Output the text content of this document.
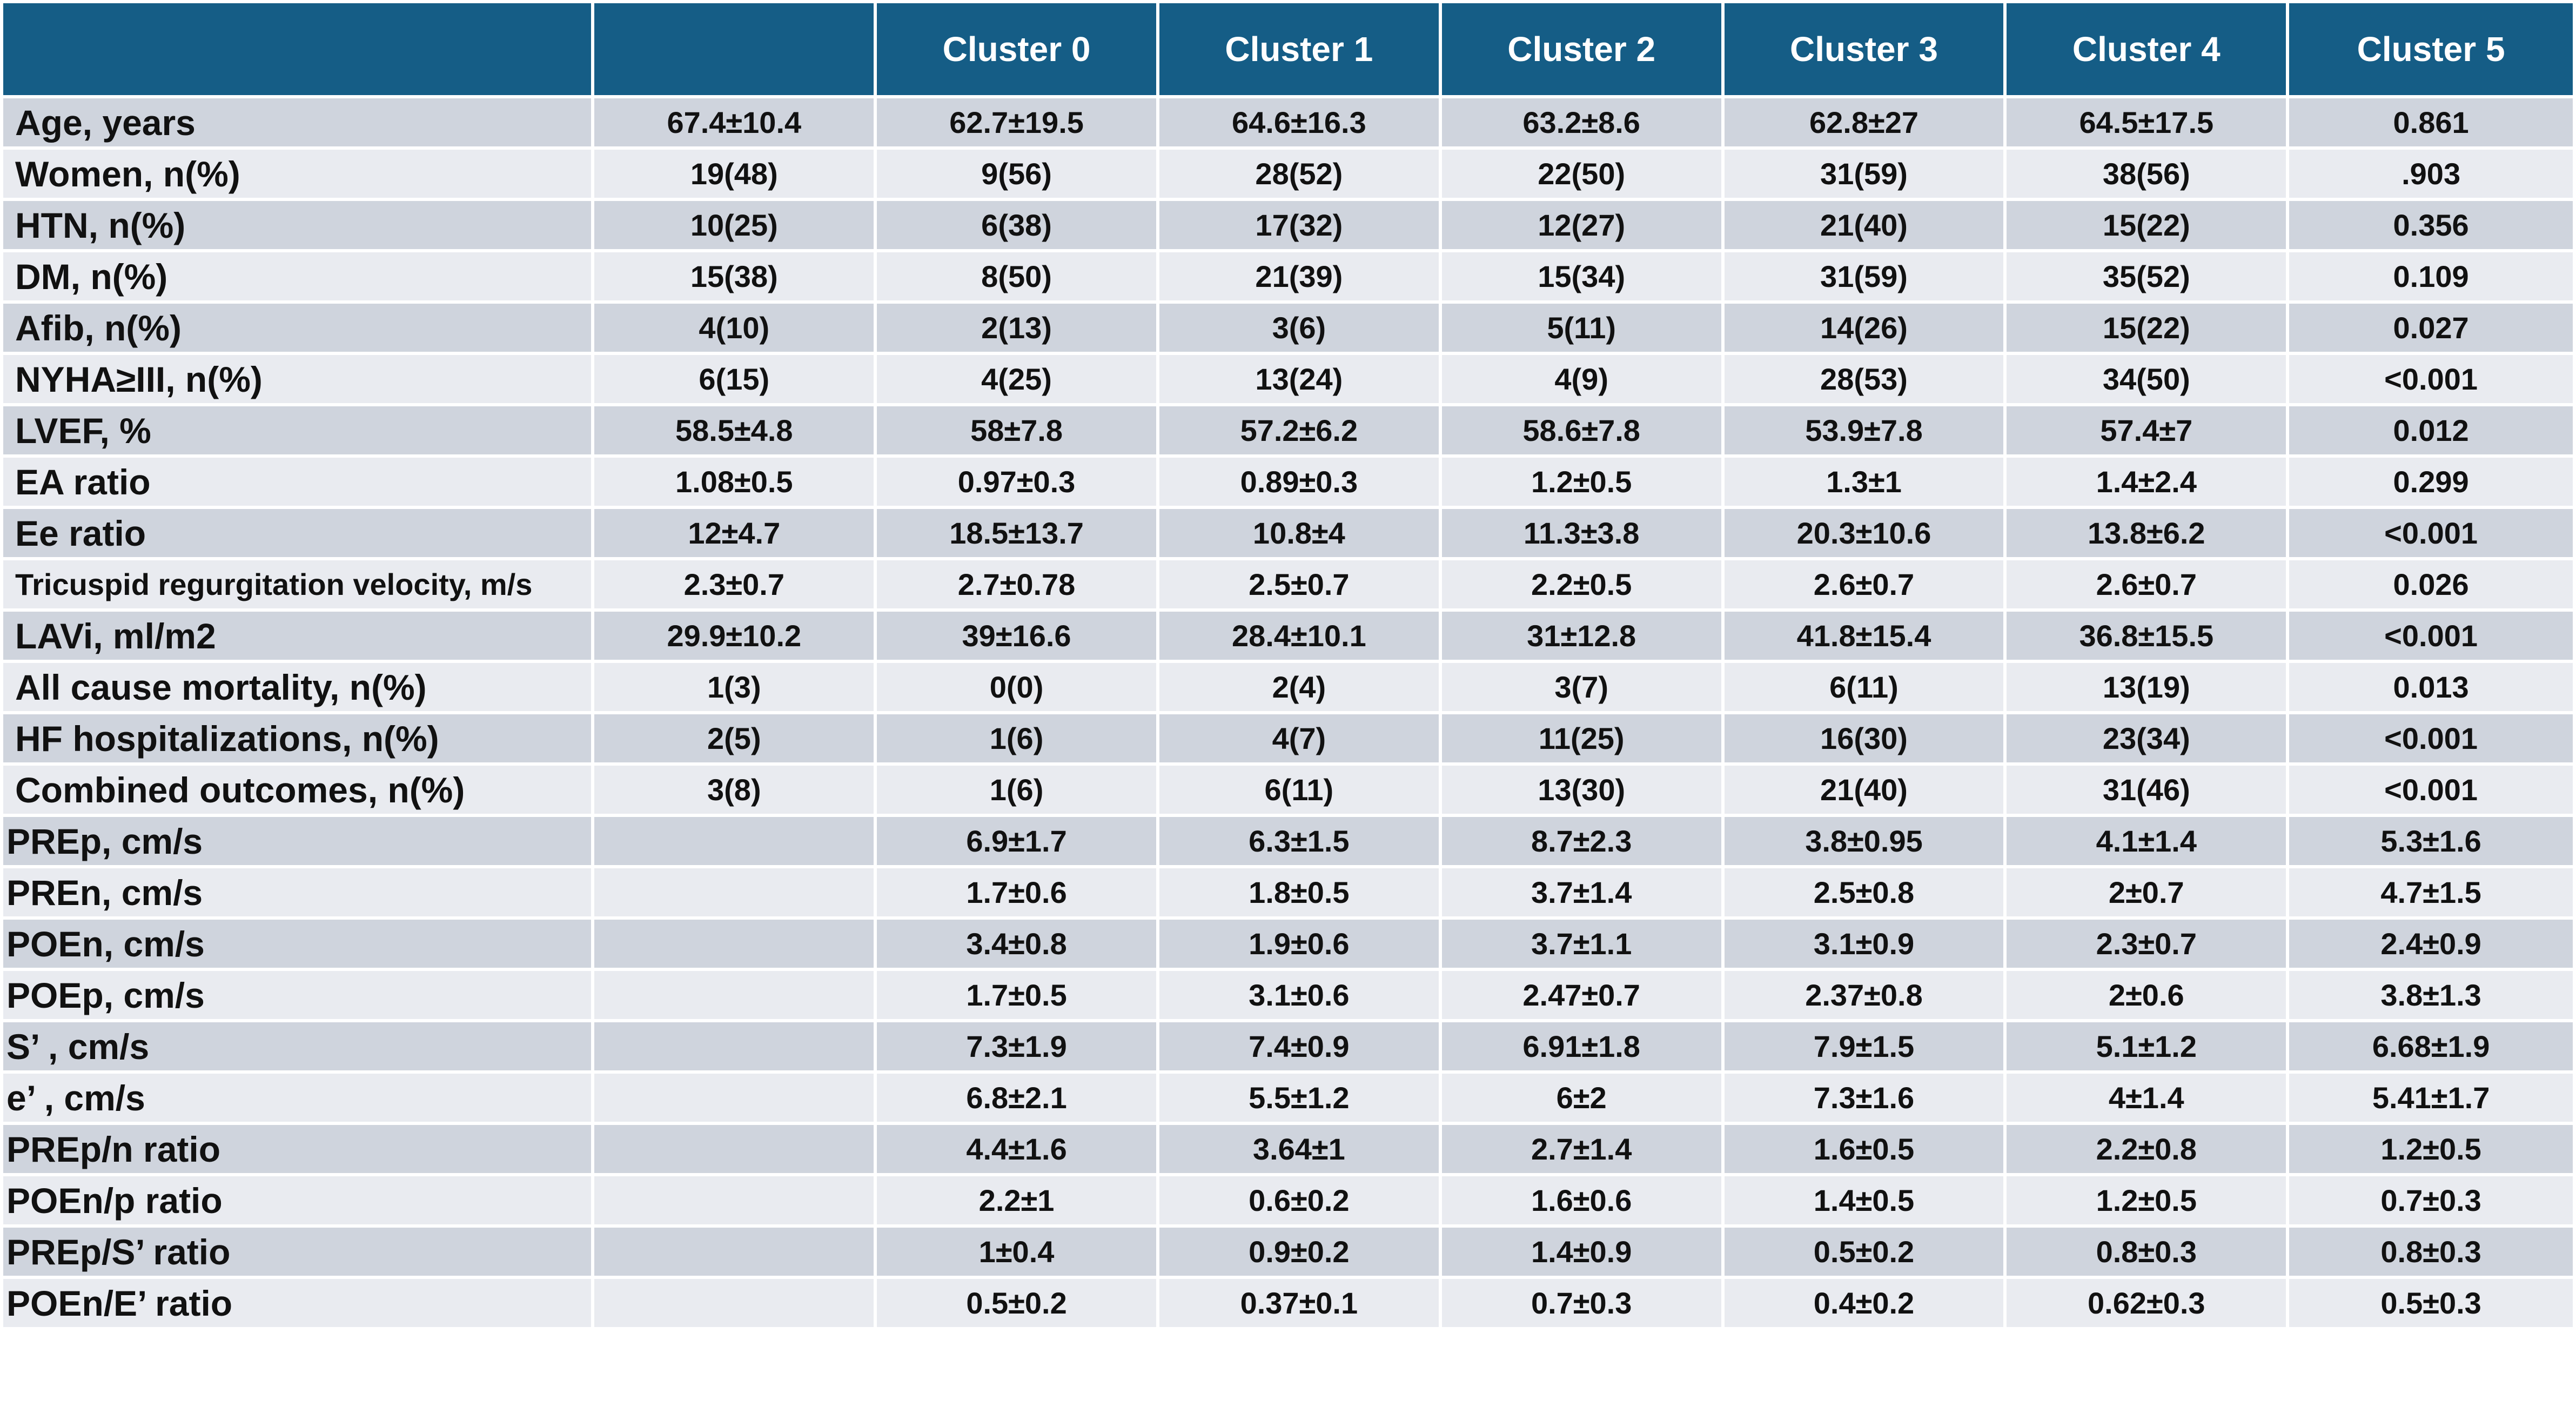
		Cluster 0	Cluster 1	Cluster 2	Cluster 3	Cluster 4	Cluster 5
Age, years	67.4±10.4	62.7±19.5	64.6±16.3	63.2±8.6	62.8±27	64.5±17.5	0.861
Women, n(%)	19(48)	9(56)	28(52)	22(50)	31(59)	38(56)	.903
HTN, n(%)	10(25)	6(38)	17(32)	12(27)	21(40)	15(22)	0.356
DM, n(%)	15(38)	8(50)	21(39)	15(34)	31(59)	35(52)	0.109
Afib, n(%)	4(10)	2(13)	3(6)	5(11)	14(26)	15(22)	0.027
NYHA≥III, n(%)	6(15)	4(25)	13(24)	4(9)	28(53)	34(50)	<0.001
LVEF, %	58.5±4.8	58±7.8	57.2±6.2	58.6±7.8	53.9±7.8	57.4±7	0.012
EA ratio	1.08±0.5	0.97±0.3	0.89±0.3	1.2±0.5	1.3±1	1.4±2.4	0.299
Ee ratio	12±4.7	18.5±13.7	10.8±4	11.3±3.8	20.3±10.6	13.8±6.2	<0.001
Tricuspid regurgitation velocity, m/s	2.3±0.7	2.7±0.78	2.5±0.7	2.2±0.5	2.6±0.7	2.6±0.7	0.026
LAVi, ml/m2	29.9±10.2	39±16.6	28.4±10.1	31±12.8	41.8±15.4	36.8±15.5	<0.001
All cause mortality, n(%)	1(3)	0(0)	2(4)	3(7)	6(11)	13(19)	0.013
HF hospitalizations, n(%)	2(5)	1(6)	4(7)	11(25)	16(30)	23(34)	<0.001
Combined outcomes, n(%)	3(8)	1(6)	6(11)	13(30)	21(40)	31(46)	<0.001
PREp, cm/s		6.9±1.7	6.3±1.5	8.7±2.3	3.8±0.95	4.1±1.4	5.3±1.6
PREn, cm/s		1.7±0.6	1.8±0.5	3.7±1.4	2.5±0.8	2±0.7	4.7±1.5
POEn, cm/s		3.4±0.8	1.9±0.6	3.7±1.1	3.1±0.9	2.3±0.7	2.4±0.9
POEp, cm/s		1.7±0.5	3.1±0.6	2.47±0.7	2.37±0.8	2±0.6	3.8±1.3
S’ , cm/s		7.3±1.9	7.4±0.9	6.91±1.8	7.9±1.5	5.1±1.2	6.68±1.9
e’ , cm/s		6.8±2.1	5.5±1.2	6±2	7.3±1.6	4±1.4	5.41±1.7
PREp/n ratio		4.4±1.6	3.64±1	2.7±1.4	1.6±0.5	2.2±0.8	1.2±0.5
POEn/p ratio		2.2±1	0.6±0.2	1.6±0.6	1.4±0.5	1.2±0.5	0.7±0.3
PREp/S’ ratio		1±0.4	0.9±0.2	1.4±0.9	0.5±0.2	0.8±0.3	0.8±0.3
POEn/E’ ratio		0.5±0.2	0.37±0.1	0.7±0.3	0.4±0.2	0.62±0.3	0.5±0.3
